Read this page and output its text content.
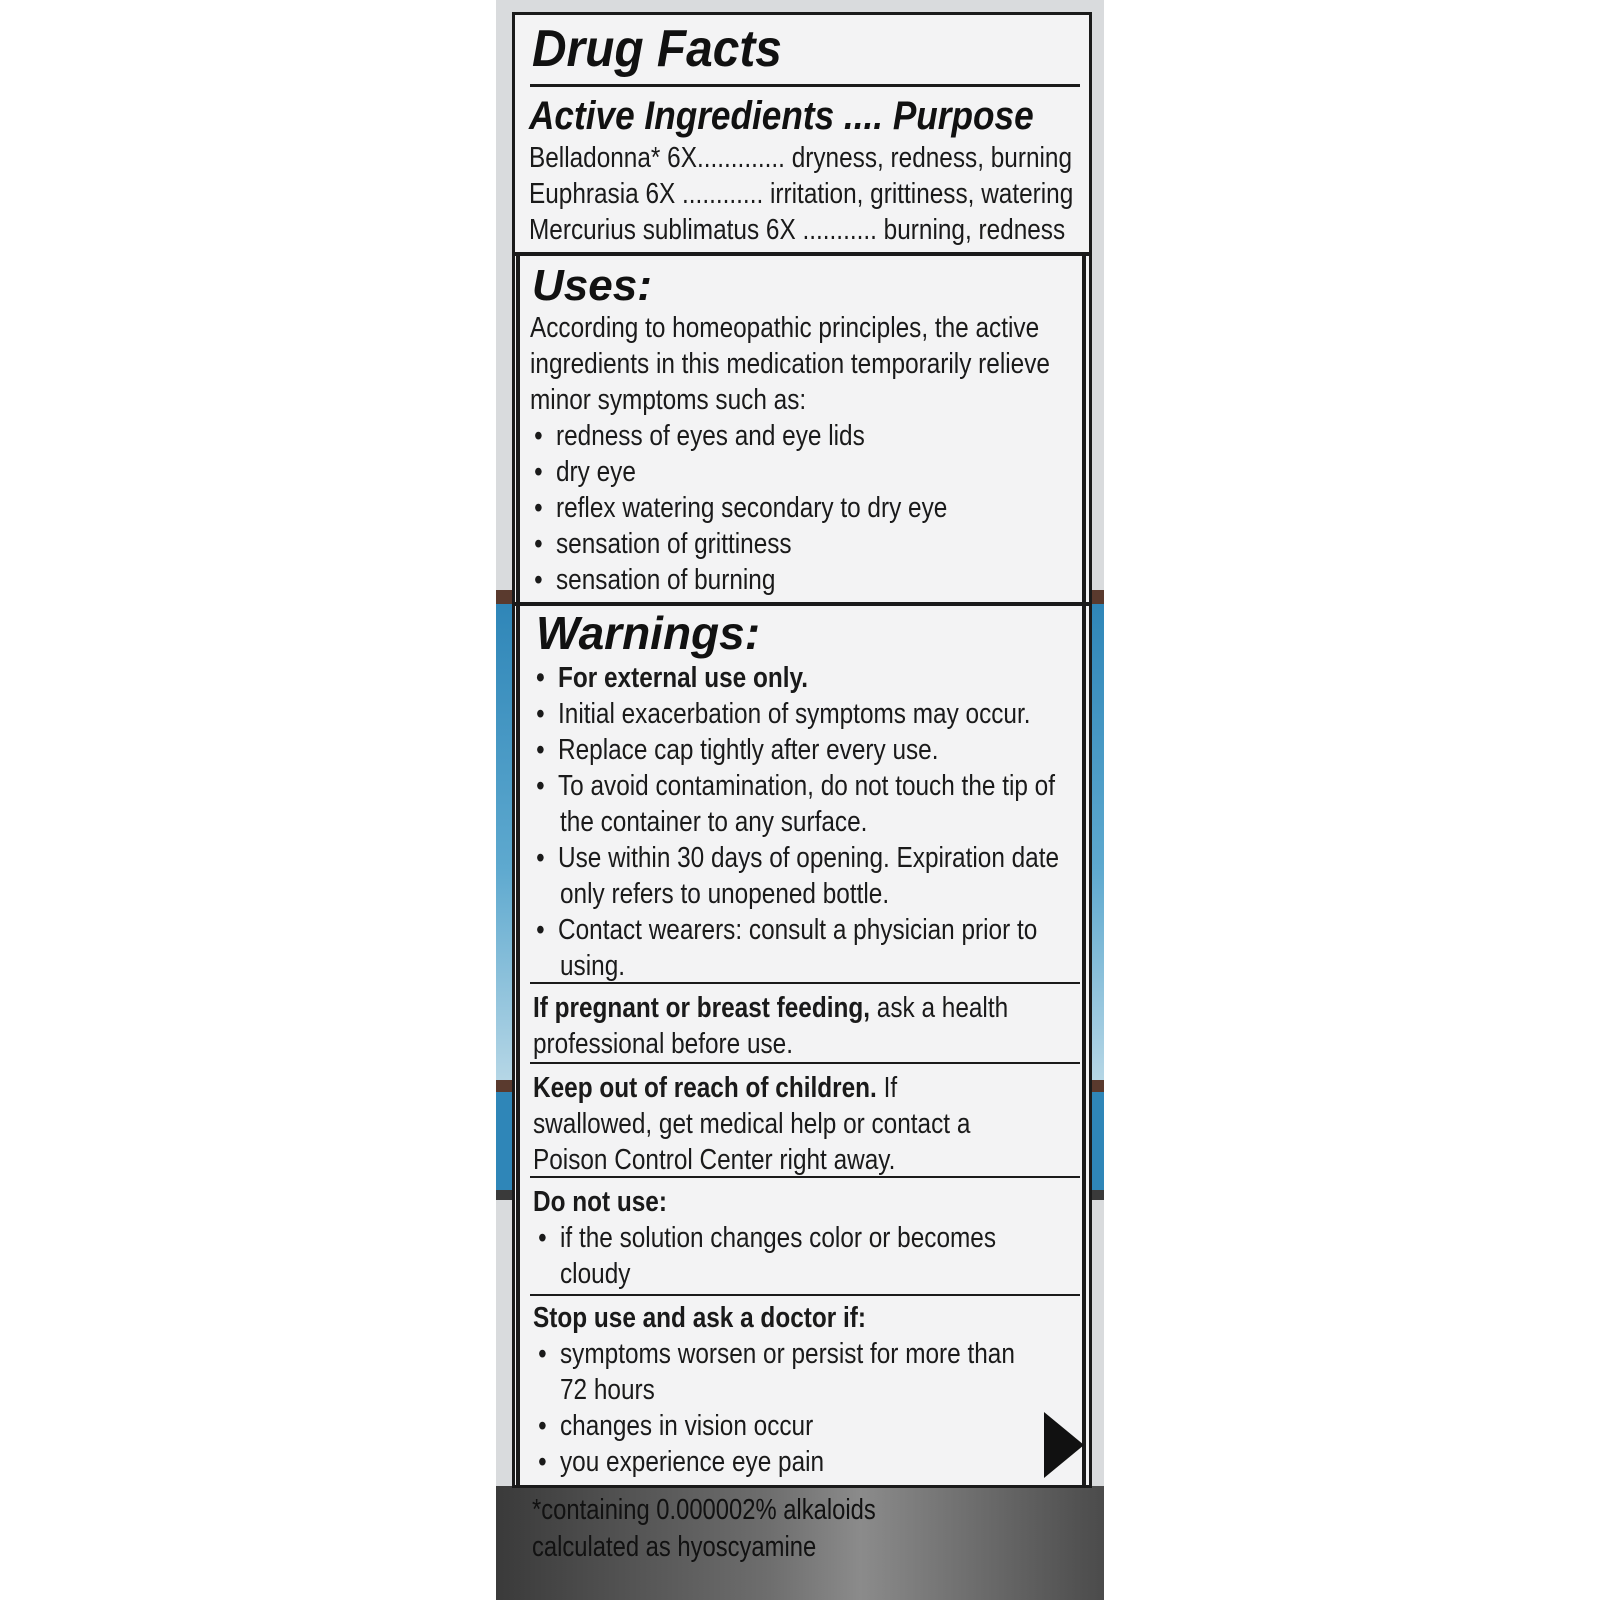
*containing 0.000002% alkaloids
calculated as hyoscyamine
Drug Facts
Active Ingredients .... Purpose
Belladonna* 6X............. dryness, redness, burning
Euphrasia 6X ............ irritation, grittiness, watering
Mercurius sublimatus 6X ........... burning, redness
Uses:
According to homeopathic principles, the active
ingredients in this medication temporarily relieve
minor symptoms such as:
• redness of eyes and eye lids
• dry eye
• reflex watering secondary to dry eye
• sensation of grittiness
• sensation of burning
Warnings:
• For external use only.
• Initial exacerbation of symptoms may occur.
• Replace cap tightly after every use.
• To avoid contamination, do not touch the tip of
the container to any surface.
• Use within 30 days of opening. Expiration date
only refers to unopened bottle.
• Contact wearers: consult a physician prior to
using.
If pregnant or breast feeding, ask a health
professional before use.
Keep out of reach of children. If
swallowed, get medical help or contact a
Poison Control Center right away.
Do not use:
• if the solution changes color or becomes
cloudy
Stop use and ask a doctor if:
• symptoms worsen or persist for more than
72 hours
• changes in vision occur
• you experience eye pain
